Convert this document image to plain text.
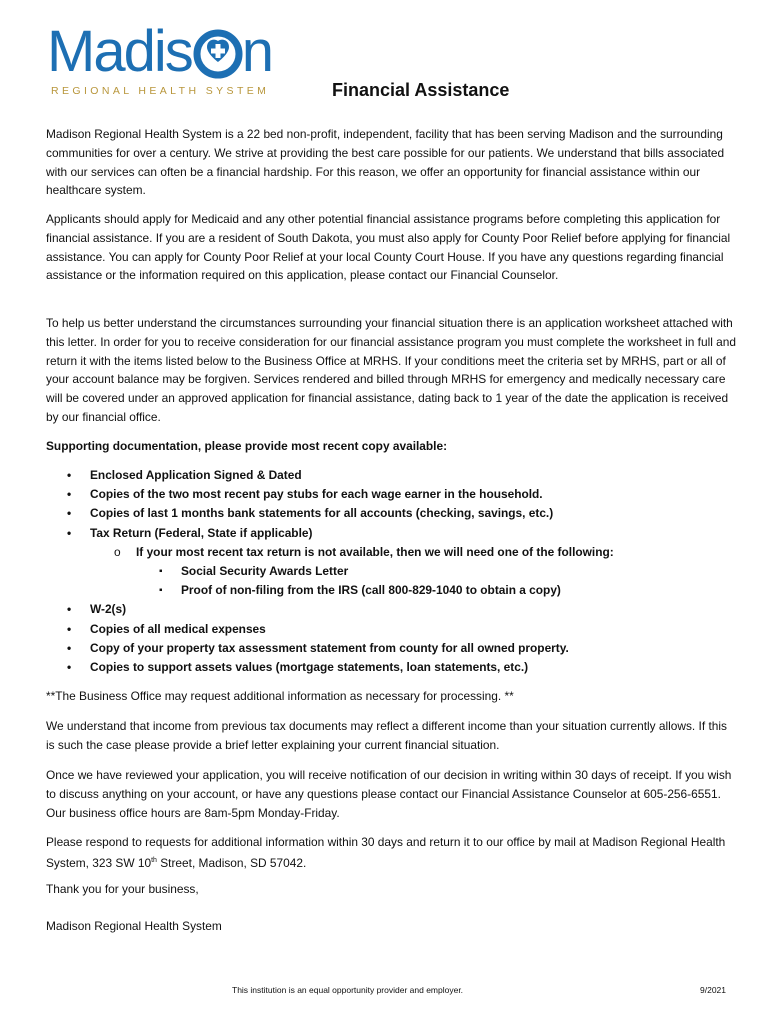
Madis n
REGIONAL HEALTH SYSTEM	Financial Assistance

Madison Regional Health System is a 22 bed non-profit, independent, facility that has been serving Madison and the surrounding communities for over a century. We strive at providing the best care possible for our patients. We understand that bills associated with our services can often be a financial hardship. For this reason, we offer an opportunity for financial assistance within our healthcare system.

Applicants should apply for Medicaid and any other potential financial assistance programs before completing this application for financial assistance. If you are a resident of South Dakota, you must also apply for County Poor Relief before applying for financial assistance. You can apply for County Poor Relief at your local County Court House. If you have any questions regarding financial assistance or the information required on this application, please contact our Financial Counselor.

To help us better understand the circumstances surrounding your financial situation there is an application worksheet attached with this letter. In order for you to receive consideration for our financial assistance program you must complete the worksheet in full and return it with the items listed below to the Business Office at MRHS. If your conditions meet the criteria set by MRHS, part or all of your account balance may be forgiven. Services rendered and billed through MRHS for emergency and medically necessary care will be covered under an approved application for financial assistance, dating back to 1 year of the date the application is received by our financial office.

Supporting documentation, please provide most recent copy available:

• Enclosed Application Signed & Dated
• Copies of the two most recent pay stubs for each wage earner in the household.
• Copies of last 1 months bank statements for all accounts (checking, savings, etc.)
• Tax Return (Federal, State if applicable)
o If your most recent tax return is not available, then we will need one of the following:
▪ Social Security Awards Letter
▪ Proof of non-filing from the IRS (call 800-829-1040 to obtain a copy)
• W-2(s)
• Copies of all medical expenses
• Copy of your property tax assessment statement from county for all owned property.
• Copies to support assets values (mortgage statements, loan statements, etc.)

**The Business Office may request additional information as necessary for processing. **

We understand that income from previous tax documents may reflect a different income than your situation currently allows. If this is such the case please provide a brief letter explaining your current financial situation.

Once we have reviewed your application, you will receive notification of our decision in writing within 30 days of receipt. If you wish to discuss anything on your account, or have any questions please contact our Financial Assistance Counselor at 605-256-6551. Our business office hours are 8am-5pm Monday-Friday.

Please respond to requests for additional information within 30 days and return it to our office by mail at Madison Regional Health System, 323 SW 10th Street, Madison, SD 57042.

Thank you for your business,

Madison Regional Health System

This institution is an equal opportunity provider and employer.	9/2021
